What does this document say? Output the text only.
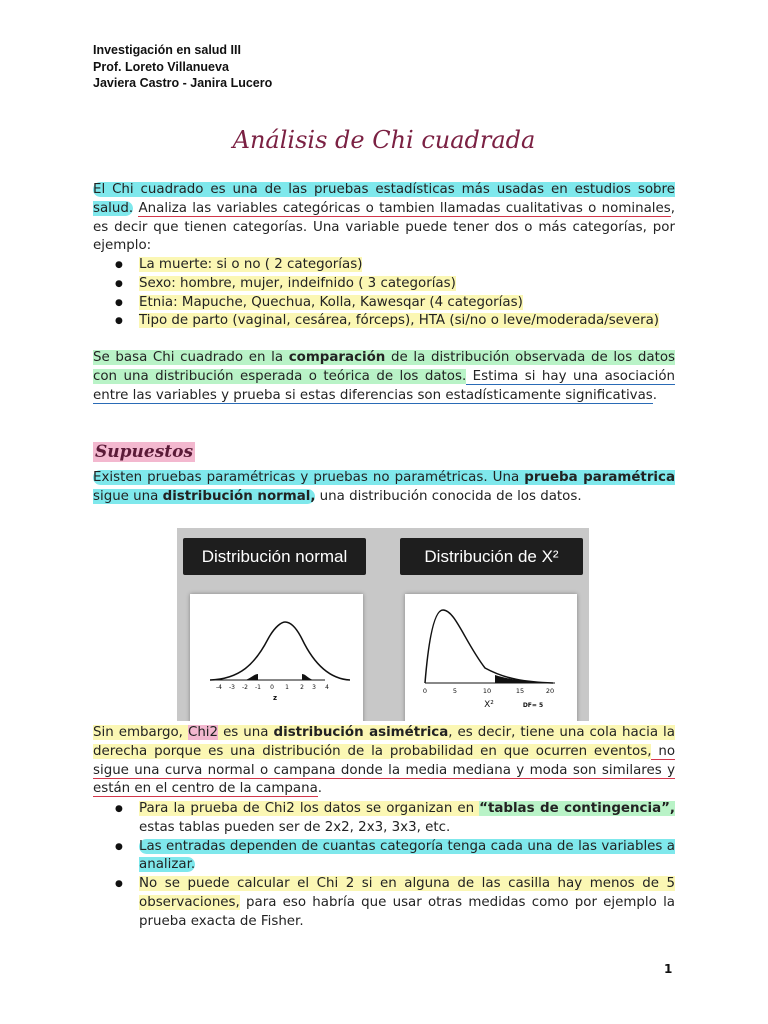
Investigación en salud III
Prof. Loreto Villanueva
Javiera Castro - Janira Lucero
Análisis de Chi cuadrada
El Chi cuadrado es una de las pruebas estadísticas más usadas en estudios sobre salud. Analiza las variables categóricas o tambien llamadas cualitativas o nominales, es decir que tienen categorías. Una variable puede tener dos o más categorías, por ejemplo:
● La muerte: si o no ( 2 categorías)
● Sexo: hombre, mujer, indeifnido ( 3 categorías)
● Etnia: Mapuche, Quechua, Kolla, Kawesqar (4 categorías)
● Tipo de parto (vaginal, cesárea, fórceps), HTA (si/no o leve/moderada/severa)
Se basa Chi cuadrado en la comparación de la distribución observada de los datos con una distribución esperada o teórica de los datos. Estima si hay una asociación entre las variables y prueba si estas diferencias son estadísticamente significativas.
Supuestos
Existen pruebas paramétricas y pruebas no paramétricas. Una prueba paramétrica sigue una distribución normal, una distribución conocida de los datos.
Distribución normal	Distribución de X²
-4 -3 -2 -1 0 1 2 3 4
z
0	5	10	15	20
X²	DF= 5
Sin embargo, Chi2 es una distribución asimétrica, es decir, tiene una cola hacia la derecha porque es una distribución de la probabilidad en que ocurren eventos, no sigue una curva normal o campana donde la media mediana y moda son similares y están en el centro de la campana.
● Para la prueba de Chi2 los datos se organizan en “tablas de contingencia”, estas tablas pueden ser de 2x2, 2x3, 3x3, etc.
● Las entradas dependen de cuantas categoría tenga cada una de las variables a analizar.
● No se puede calcular el Chi 2 si en alguna de las casilla hay menos de 5 observaciones, para eso habría que usar otras medidas como por ejemplo la prueba exacta de Fisher.
1
